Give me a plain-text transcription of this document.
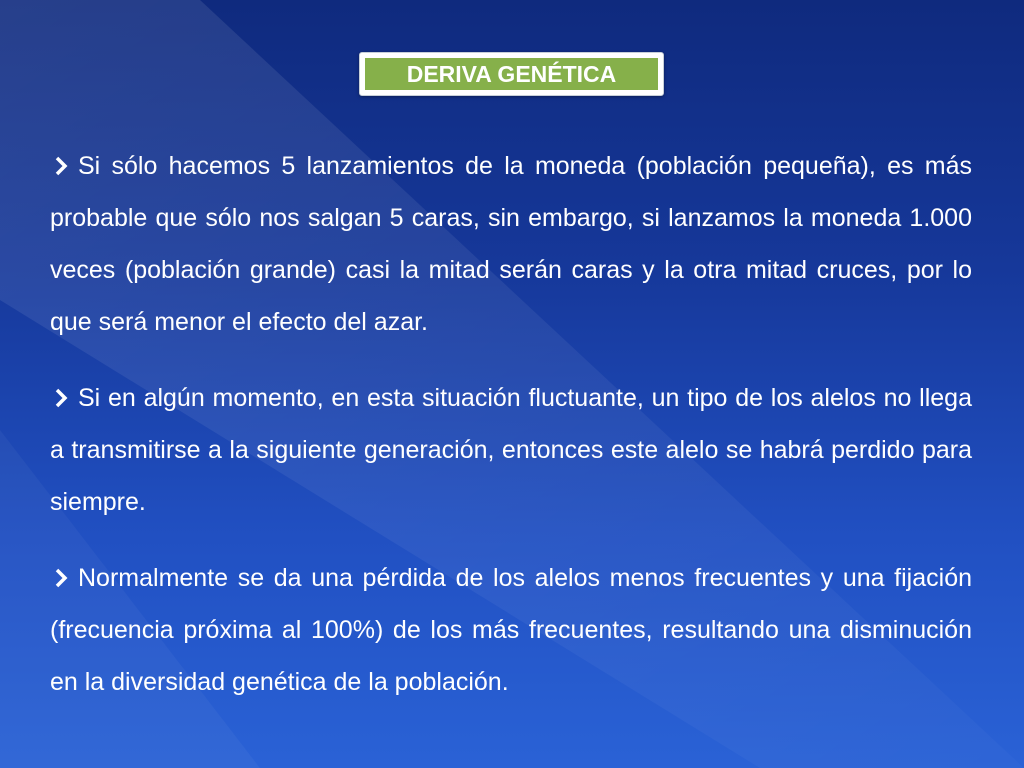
DERIVA GENÉTICA

Si sólo hacemos 5 lanzamientos de la moneda (población pequeña), es más probable que sólo nos salgan 5 caras, sin embargo, si lanzamos la moneda 1.000 veces (población grande) casi la mitad serán caras y la otra mitad cruces, por lo que será menor el efecto del azar.

Si en algún momento, en esta situación fluctuante, un tipo de los alelos no llega a transmitirse a la siguiente generación, entonces este alelo se habrá perdido para siempre.

Normalmente se da una pérdida de los alelos menos frecuentes y una fijación (frecuencia próxima al 100%) de los más frecuentes, resultando una disminución en la diversidad genética de la población.
